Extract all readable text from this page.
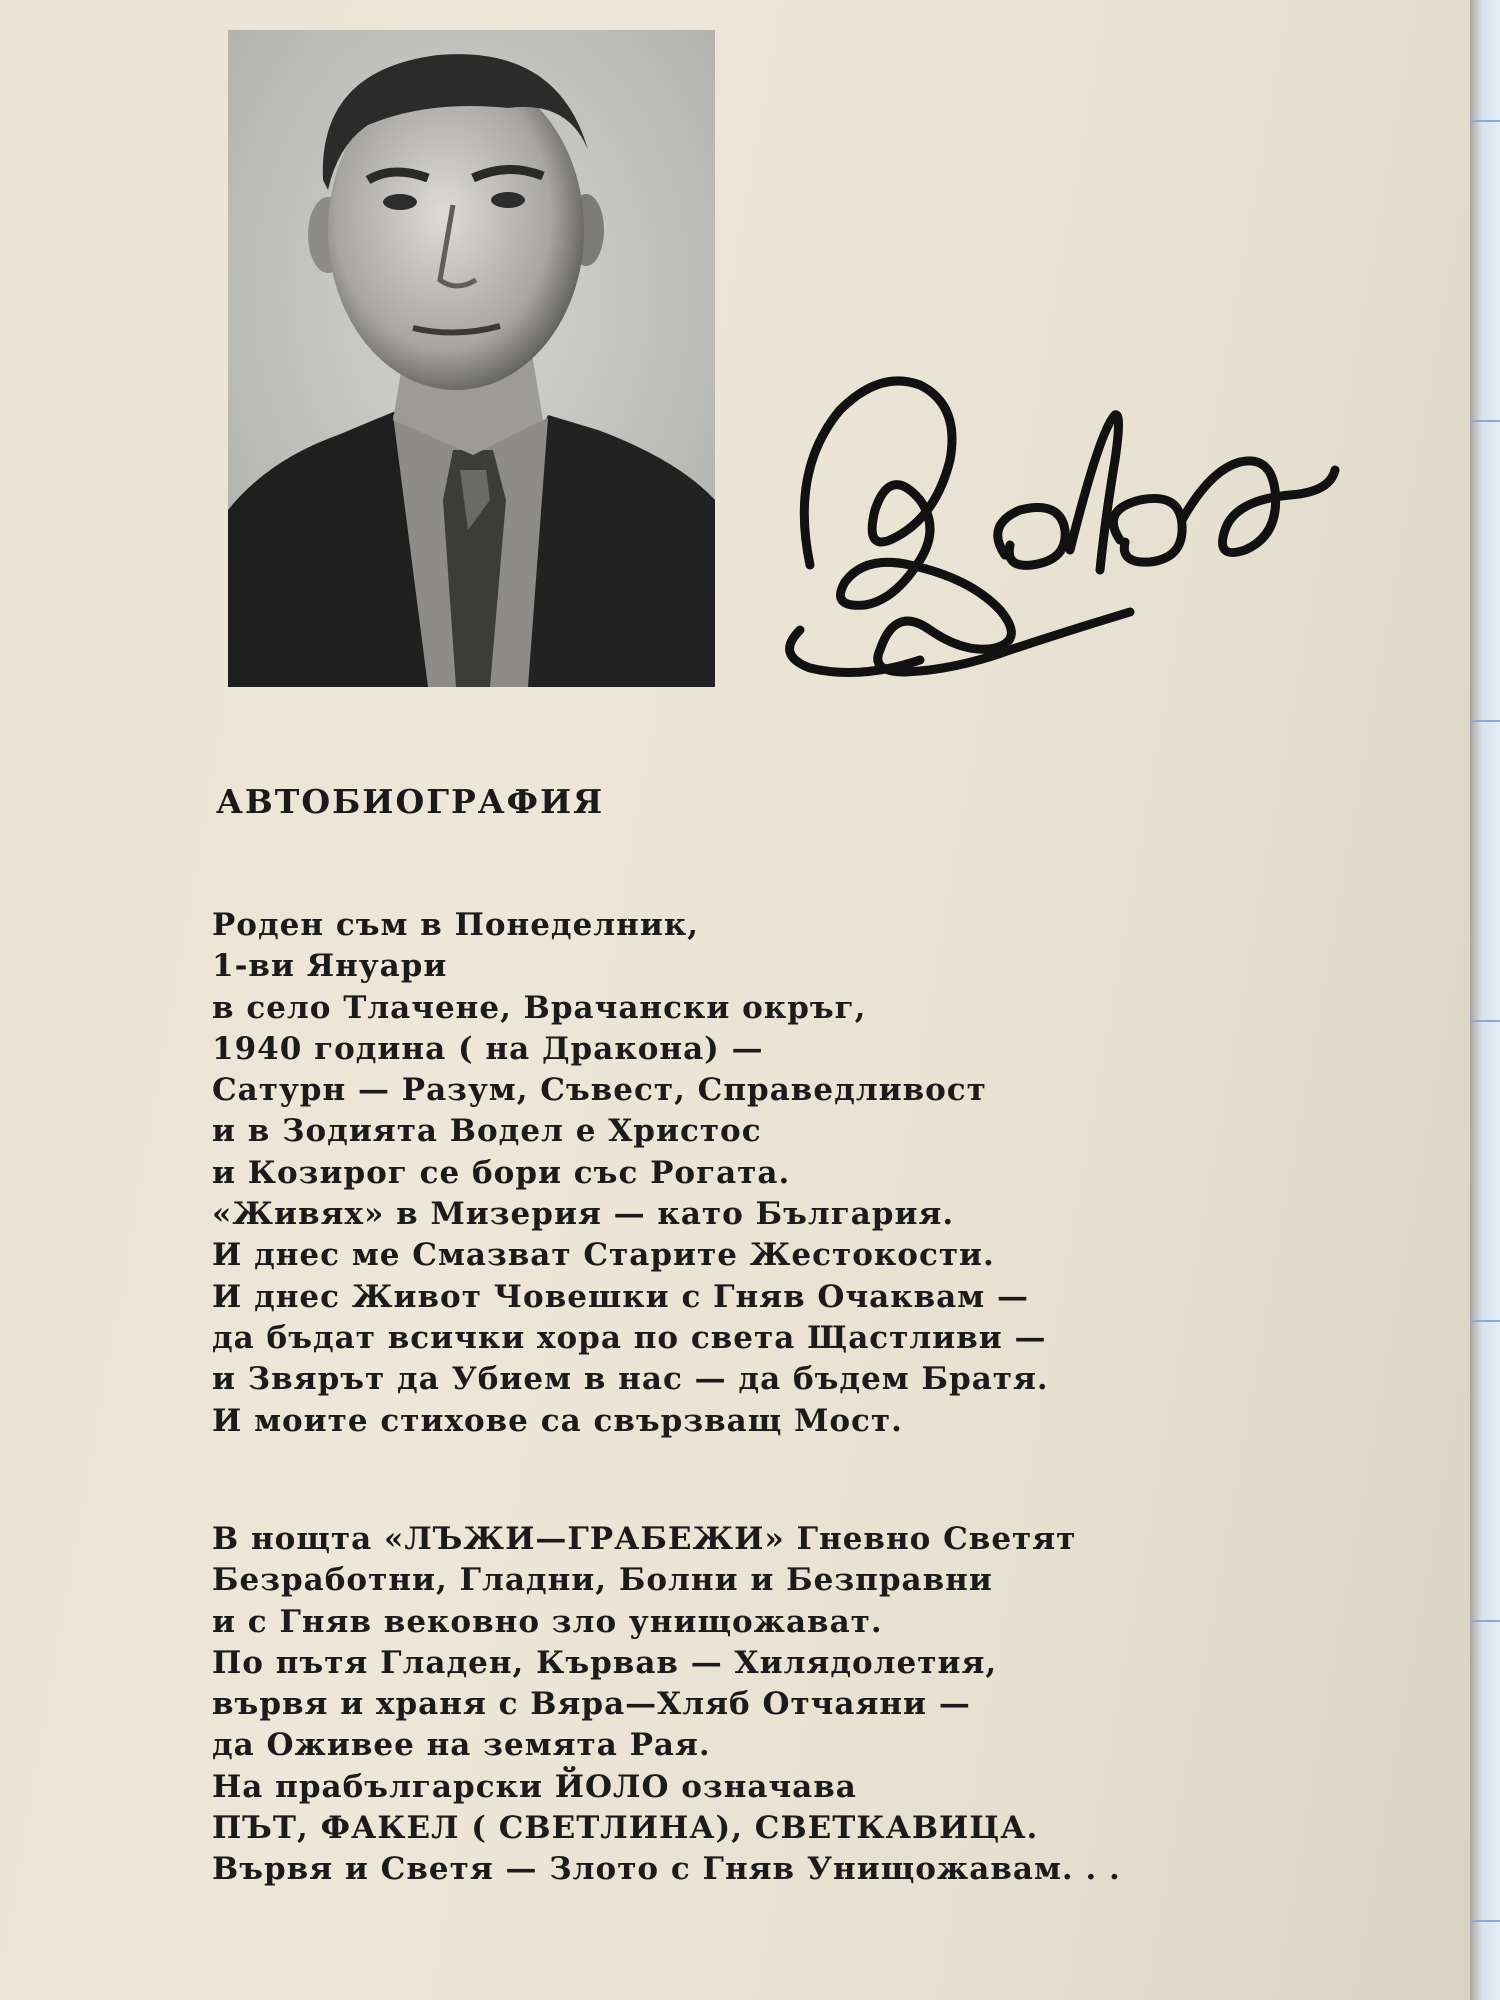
АВТОБИОГРАФИЯ
Роден съм в Понеделник,
1-ви Януари
в село Тлачене, Врачански окръг,
1940 година ( на Дракона) —
Сатурн — Разум, Съвест, Справедливост
и в Зодията Водел е Христос
и Козирог се бори със Рогата.
«Живях» в Мизерия — като България.
И днес ме Смазват Старите Жестокости.
И днес Живот Човешки с Гняв Очаквам —
да бъдат всички хора по света Щастливи —
и Звярът да Убием в нас — да бъдем Братя.
И моите стихове са свързващ Мост.
В нощта «ЛЪЖИ—ГРАБЕЖИ» Гневно Светят
Безработни, Гладни, Болни и Безправни
и с Гняв вековно зло унищожават.
По пътя Гладен, Кървав — Хилядолетия,
вървя и храня с Вяра—Хляб Отчаяни —
да Оживее на земята Рая.
На прабългарски ЙОЛО означава
ПЪТ, ФАКЕЛ ( СВЕТЛИНА), СВЕТКАВИЦА.
Вървя и Светя — Злото с Гняв Унищожавам. . .
